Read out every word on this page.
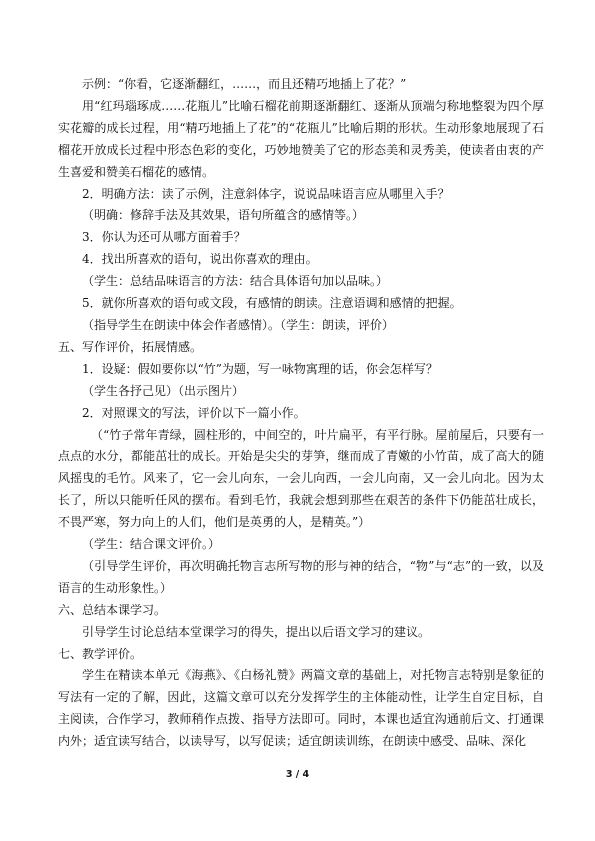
示例：“你看，它逐渐翻红，……，而且还精巧地插上了花？”

用“红玛瑙琢成……花瓶儿”比喻石榴花前期逐渐翻红、逐渐从顶端匀称地整裂为四个厚实花瓣的成长过程，用“精巧地插上了花”的“花瓶儿”比喻后期的形状。生动形象地展现了石榴花开放成长过程中形态色彩的变化，巧妙地赞美了它的形态美和灵秀美，使读者由衷的产生喜爱和赞美石榴花的感情。

2．明确方法：读了示例，注意斜体字，说说品味语言应从哪里入手？

（明确：修辞手法及其效果，语句所蕴含的感情等。）

3．你认为还可从哪方面着手？

4．找出所喜欢的语句，说出你喜欢的理由。

（学生：总结品味语言的方法：结合具体语句加以品味。）

5．就你所喜欢的语句或文段，有感情的朗读。注意语调和感情的把握。

（指导学生在朗读中体会作者感情）。（学生：朗读，评价）

五、写作评价，拓展情感。

1．设疑：假如要你以“竹”为题，写一咏物寓理的话，你会怎样写？

（学生各抒己见）（出示图片）

2．对照课文的写法，评价以下一篇小作。

（“竹子常年青绿，圆柱形的，中间空的，叶片扁平，有平行脉。屋前屋后，只要有一点点的水分，都能茁壮的成长。开始是尖尖的芽笋，继而成了青嫩的小竹苗，成了高大的随风摇曳的毛竹。风来了，它一会儿向东，一会儿向西，一会儿向南，又一会儿向北。因为太长了，所以只能听任风的摆布。看到毛竹，我就会想到那些在艰苦的条件下仍能茁壮成长，不畏严寒，努力向上的人们，他们是英勇的人，是精英。”）

（学生：结合课文评价。）

（引导学生评价，再次明确托物言志所写物的形与神的结合，“物”与“志”的一致，以及语言的生动形象性。）

六、总结本课学习。

引导学生讨论总结本堂课学习的得失，提出以后语文学习的建议。

七、教学评价。

学生在精读本单元《海燕》、《白杨礼赞》两篇文章的基础上，对托物言志特别是象征的写法有一定的了解，因此，这篇文章可以充分发挥学生的主体能动性，让学生自定目标，自主阅读，合作学习，教师稍作点拨、指导方法即可。同时，本课也适宜沟通前后文、打通课内外；适宜读写结合，以读导写，以写促读；适宜朗读训练，在朗读中感受、品味、深化

3 / 4
